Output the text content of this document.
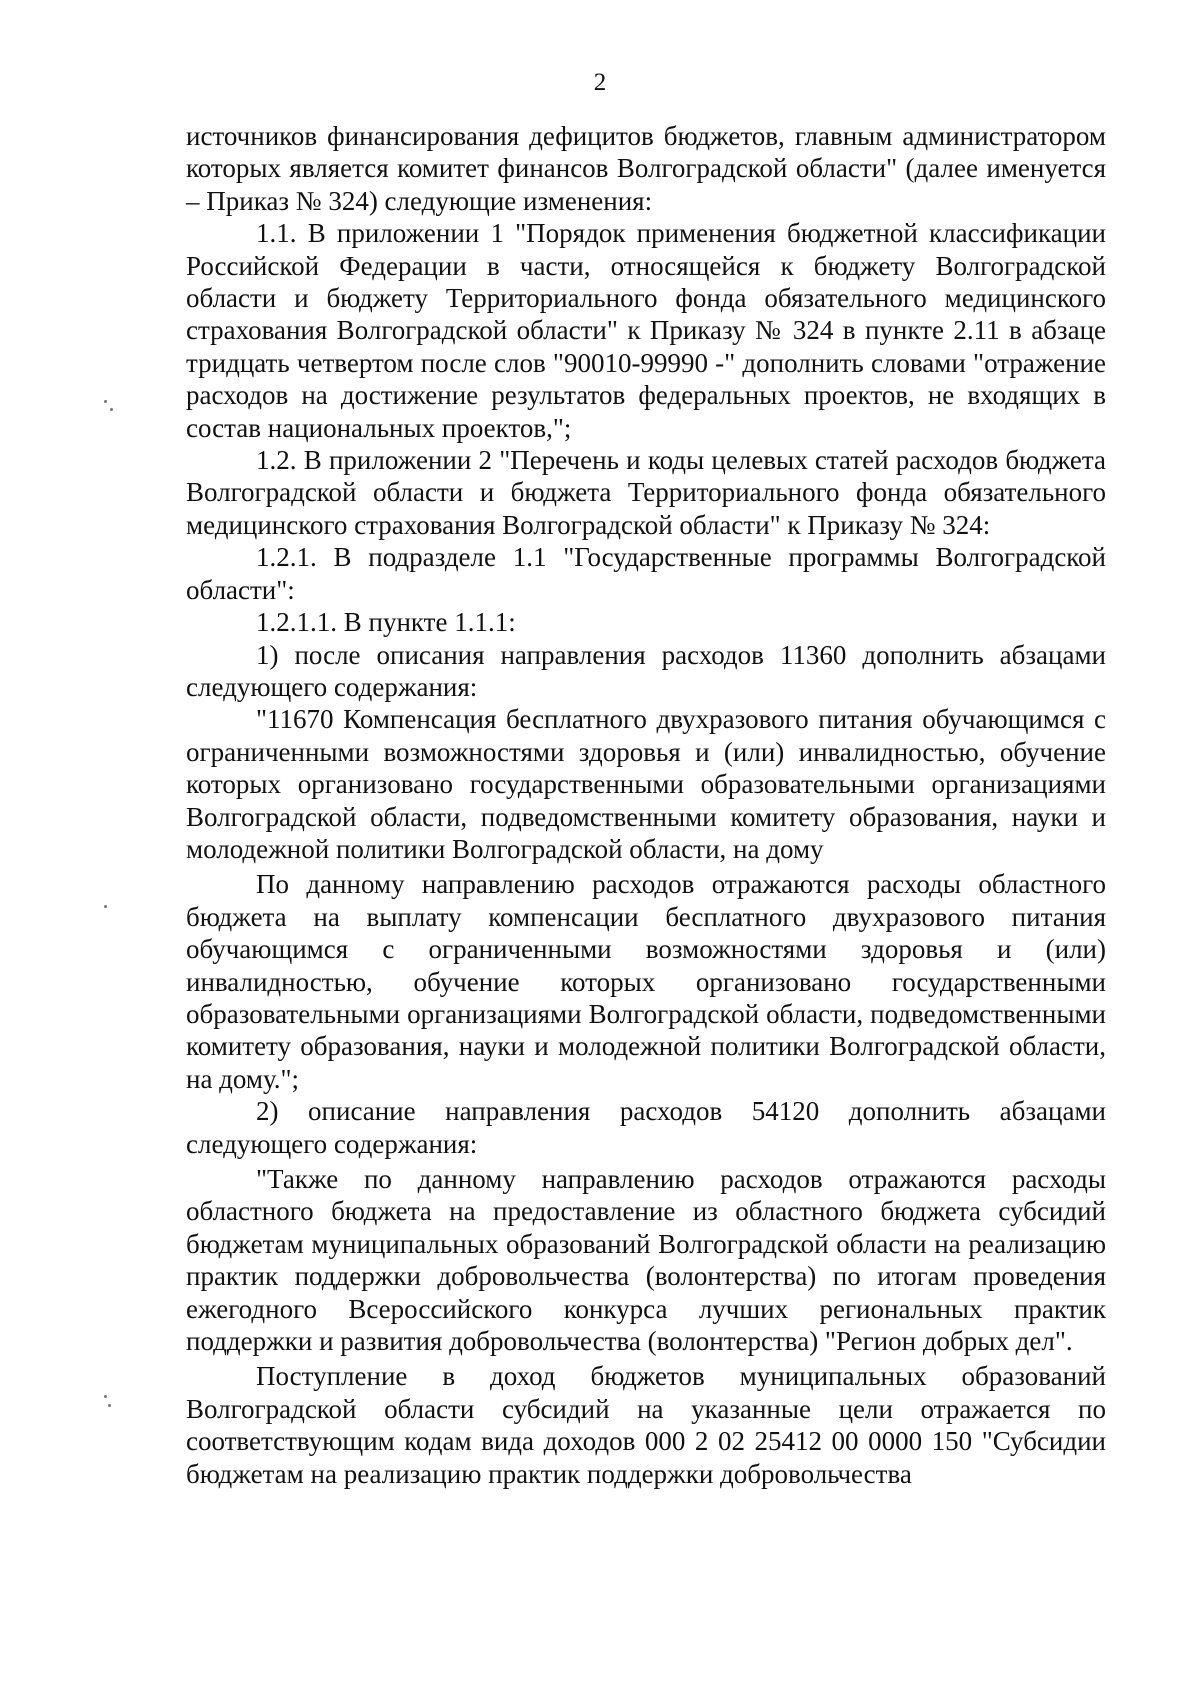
2

источников финансирования дефицитов бюджетов, главным администратором которых является комитет финансов Волгоградской области" (далее именуется – Приказ № 324) следующие изменения:

1.1. В приложении 1 "Порядок применения бюджетной классификации Российской Федерации в части, относящейся к бюджету Волгоградской области и бюджету Территориального фонда обязательного медицинского страхования Волгоградской области" к Приказу № 324 в пункте 2.11 в абзаце тридцать четвертом после слов "90010-99990 -" дополнить словами "отражение расходов на достижение результатов федеральных проектов, не входящих в состав национальных проектов,";

1.2. В приложении 2 "Перечень и коды целевых статей расходов бюджета Волгоградской области и бюджета Территориального фонда обязательного медицинского страхования Волгоградской области" к Приказу № 324:

1.2.1. В подразделе 1.1 "Государственные программы Волгоградской области":

1.2.1.1. В пункте 1.1.1:

1) после описания направления расходов 11360 дополнить абзацами следующего содержания:

"11670 Компенсация бесплатного двухразового питания обучающимся с ограниченными возможностями здоровья и (или) инвалидностью, обучение которых организовано государственными образовательными организациями Волгоградской области, подведомственными комитету образования, науки и молодежной политики Волгоградской области, на дому

По данному направлению расходов отражаются расходы областного бюджета на выплату компенсации бесплатного двухразового питания обучающимся с ограниченными возможностями здоровья и (или) инвалидностью, обучение которых организовано государственными образовательными организациями Волгоградской области, подведомственными комитету образования, науки и молодежной политики Волгоградской области, на дому.";

2) описание направления расходов 54120 дополнить абзацами следующего содержания:

"Также по данному направлению расходов отражаются расходы областного бюджета на предоставление из областного бюджета субсидий бюджетам муниципальных образований Волгоградской области на реализацию практик поддержки добровольчества (волонтерства) по итогам проведения ежегодного Всероссийского конкурса лучших региональных практик поддержки и развития добровольчества (волонтерства) "Регион добрых дел".

Поступление в доход бюджетов муниципальных образований Волгоградской области субсидий на указанные цели отражается по соответствующим кодам вида доходов 000 2 02 25412 00 0000 150 "Субсидии бюджетам на реализацию практик поддержки добровольчества
